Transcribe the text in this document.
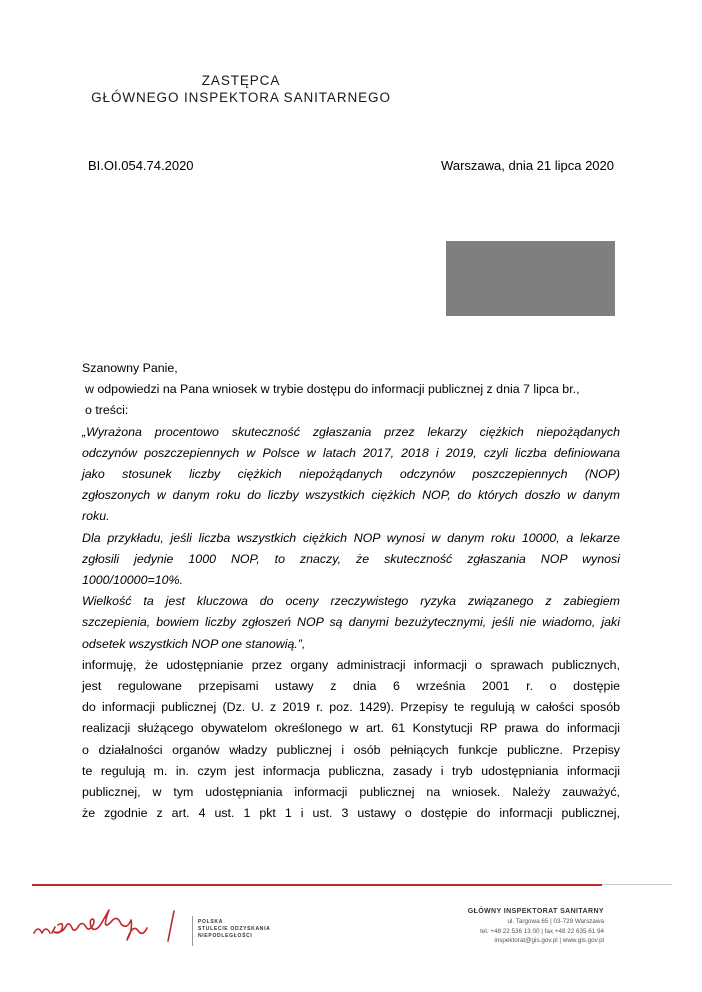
ZASTĘPCA
GŁÓWNEGO INSPEKTORA SANITARNEGO
BI.OI.054.74.2020	Warszawa, dnia 21 lipca 2020

Szanowny Panie,

w odpowiedzi na Pana wniosek w trybie dostępu do informacji publicznej z dnia 7 lipca br.,

o treści:

„Wyrażona procentowo skuteczność zgłaszania przez lekarzy ciężkich niepożądanych

odczynów poszczepiennych w Polsce w latach 2017, 2018 i 2019, czyli liczba definiowana

jako stosunek liczby ciężkich niepożądanych odczynów poszczepiennych (NOP)

zgłoszonych w danym roku do liczby wszystkich ciężkich NOP, do których doszło w danym

roku.

Dla przykładu, jeśli liczba wszystkich ciężkich NOP wynosi w danym roku 10000, a lekarze

zgłosili jedynie 1000 NOP, to znaczy, że skuteczność zgłaszania NOP wynosi

1000/10000=10%.

Wielkość ta jest kluczowa do oceny rzeczywistego ryzyka związanego z zabiegiem

szczepienia, bowiem liczby zgłoszeń NOP są danymi bezużytecznymi, jeśli nie wiadomo, jaki

odsetek wszystkich NOP one stanowią.”,

informuję, że udostępnianie przez organy administracji informacji o sprawach publicznych,

jest regulowane przepisami ustawy z dnia 6 września 2001 r. o dostępie

do informacji publicznej (Dz. U. z 2019 r. poz. 1429). Przepisy te regulują w całości sposób

realizacji służącego obywatelom określonego w art. 61 Konstytucji RP prawa do informacji

o działalności organów władzy publicznej i osób pełniących funkcje publiczne. Przepisy

te regulują m. in. czym jest informacja publiczna, zasady i tryb udostępniania informacji

publicznej, w tym udostępniania informacji publicznej na wniosek. Należy zauważyć,

że zgodnie z art. 4 ust. 1 pkt 1 i ust. 3 ustawy o dostępie do informacji publicznej,

POLSKA
STULECIE ODZYSKANIA
NIEPODLEGŁOŚCI
GŁÓWNY INSPEKTORAT SANITARNY
ul. Targowa 65 | 03-729 Warszawa
tel. +48 22 536 13 00 | fax +48 22 635 61 94
inspektorat@gis.gov.pl | www.gis.gov.pl
